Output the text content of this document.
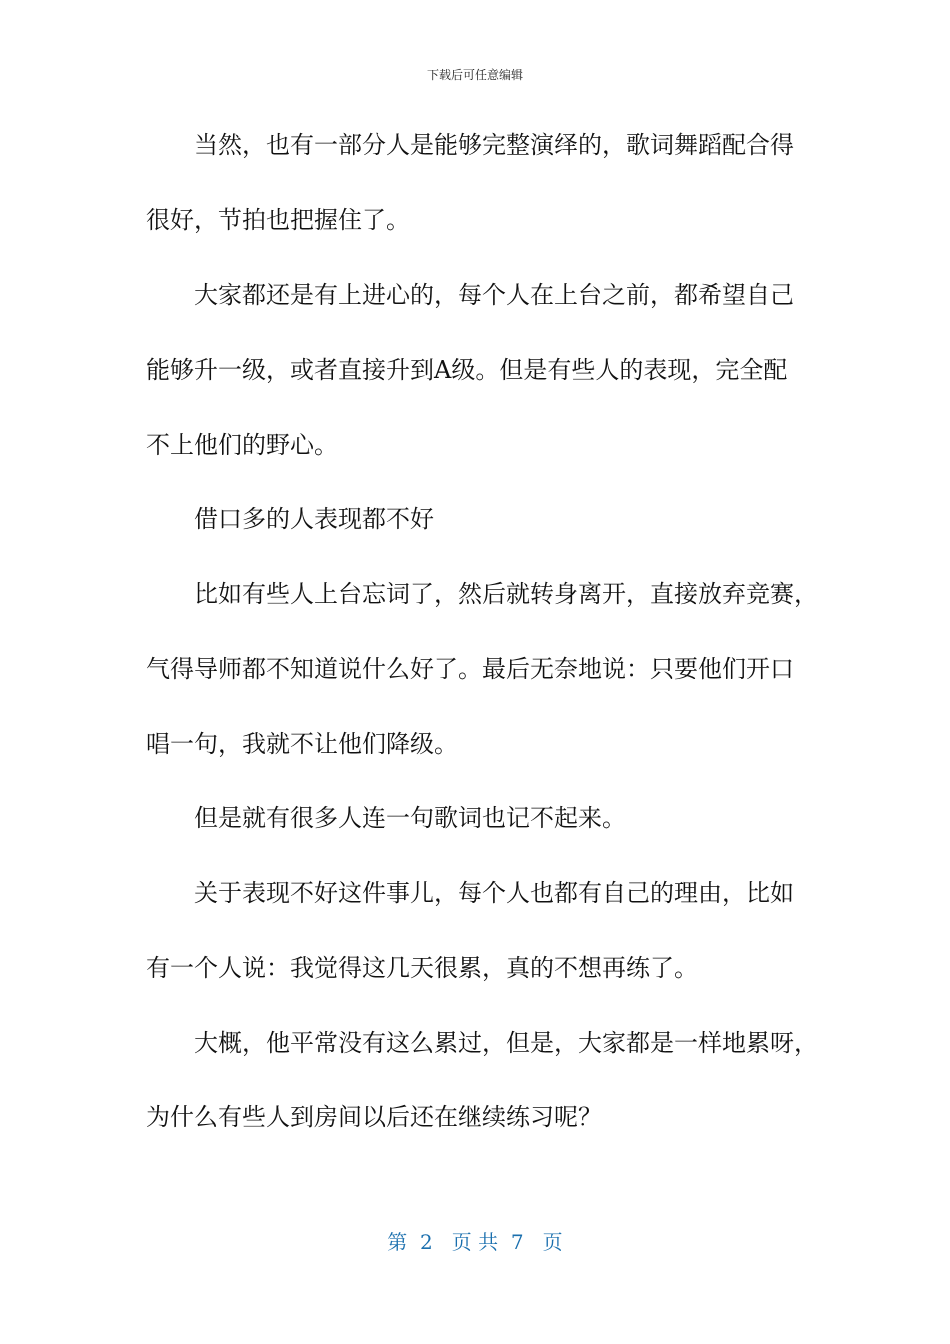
下载后可任意编辑
当然，也有一部分人是能够完整演绎的，歌词舞蹈配合得
很好，节拍也把握住了。
大家都还是有上进心的，每个人在上台之前，都希望自己
能够升一级，或者直接升到A级。但是有些人的表现，完全配
不上他们的野心。
借口多的人表现都不好
比如有些人上台忘词了，然后就转身离开，直接放弃竞赛，
气得导师都不知道说什么好了。最后无奈地说：只要他们开口
唱一句，我就不让他们降级。
但是就有很多人连一句歌词也记不起来。
关于表现不好这件事儿，每个人也都有自己的理由，比如
有一个人说：我觉得这几天很累，真的不想再练了。
大概，他平常没有这么累过，但是，大家都是一样地累呀，
为什么有些人到房间以后还在继续练习呢？
第  2   页 共  7   页
